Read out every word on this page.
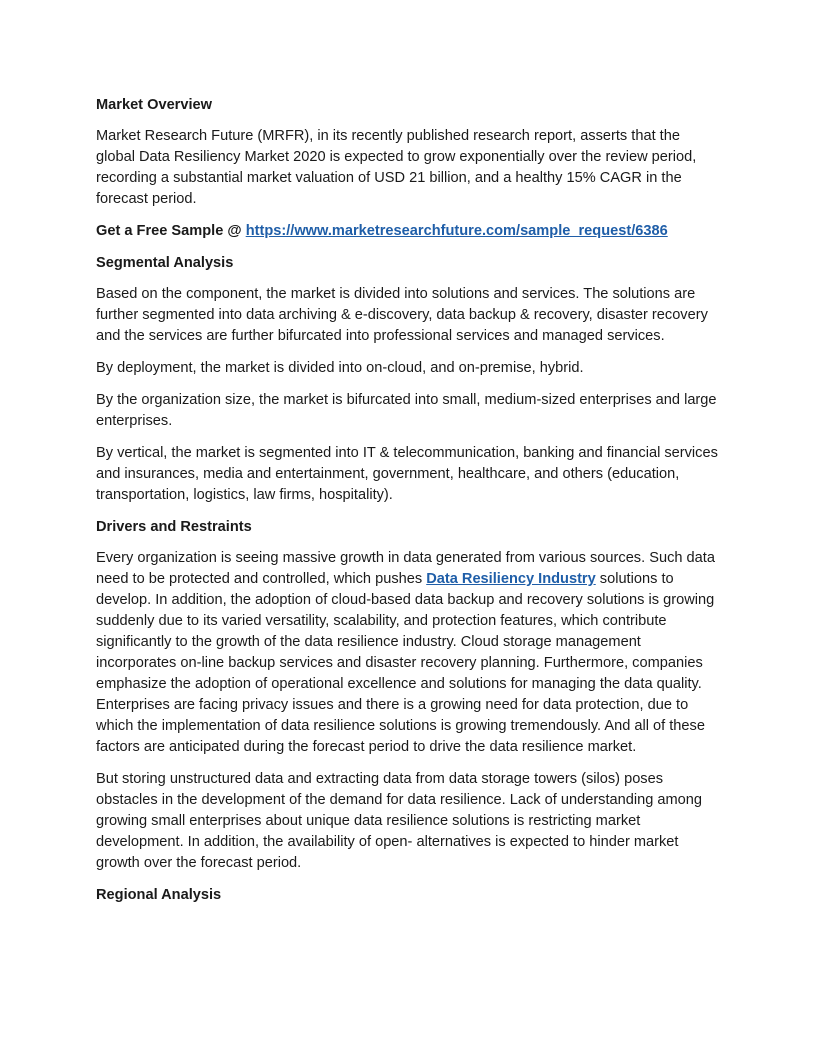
Market Overview

Market Research Future (MRFR), in its recently published research report, asserts that the global Data Resiliency Market 2020 is expected to grow exponentially over the review period, recording a substantial market valuation of USD 21 billion, and a healthy 15% CAGR in the forecast period.

Get a Free Sample @ https://www.marketresearchfuture.com/sample_request/6386

Segmental Analysis

Based on the component, the market is divided into solutions and services. The solutions are further segmented into data archiving & e-discovery, data backup & recovery, disaster recovery and the services are further bifurcated into professional services and managed services.

By deployment, the market is divided into on-cloud, and on-premise, hybrid.

By the organization size, the market is bifurcated into small, medium-sized enterprises and large enterprises.

By vertical, the market is segmented into IT & telecommunication, banking and financial services and insurances, media and entertainment, government, healthcare, and others (education, transportation, logistics, law firms, hospitality).

Drivers and Restraints

Every organization is seeing massive growth in data generated from various sources. Such data need to be protected and controlled, which pushes Data Resiliency Industry solutions to develop. In addition, the adoption of cloud-based data backup and recovery solutions is growing suddenly due to its varied versatility, scalability, and protection features, which contribute significantly to the growth of the data resilience industry. Cloud storage management incorporates on-line backup services and disaster recovery planning. Furthermore, companies emphasize the adoption of operational excellence and solutions for managing the data quality. Enterprises are facing privacy issues and there is a growing need for data protection, due to which the implementation of data resilience solutions is growing tremendously. And all of these factors are anticipated during the forecast period to drive the data resilience market.

But storing unstructured data and extracting data from data storage towers (silos) poses obstacles in the development of the demand for data resilience. Lack of understanding among growing small enterprises about unique data resilience solutions is restricting market development. In addition, the availability of open- alternatives is expected to hinder market growth over the forecast period.

Regional Analysis
